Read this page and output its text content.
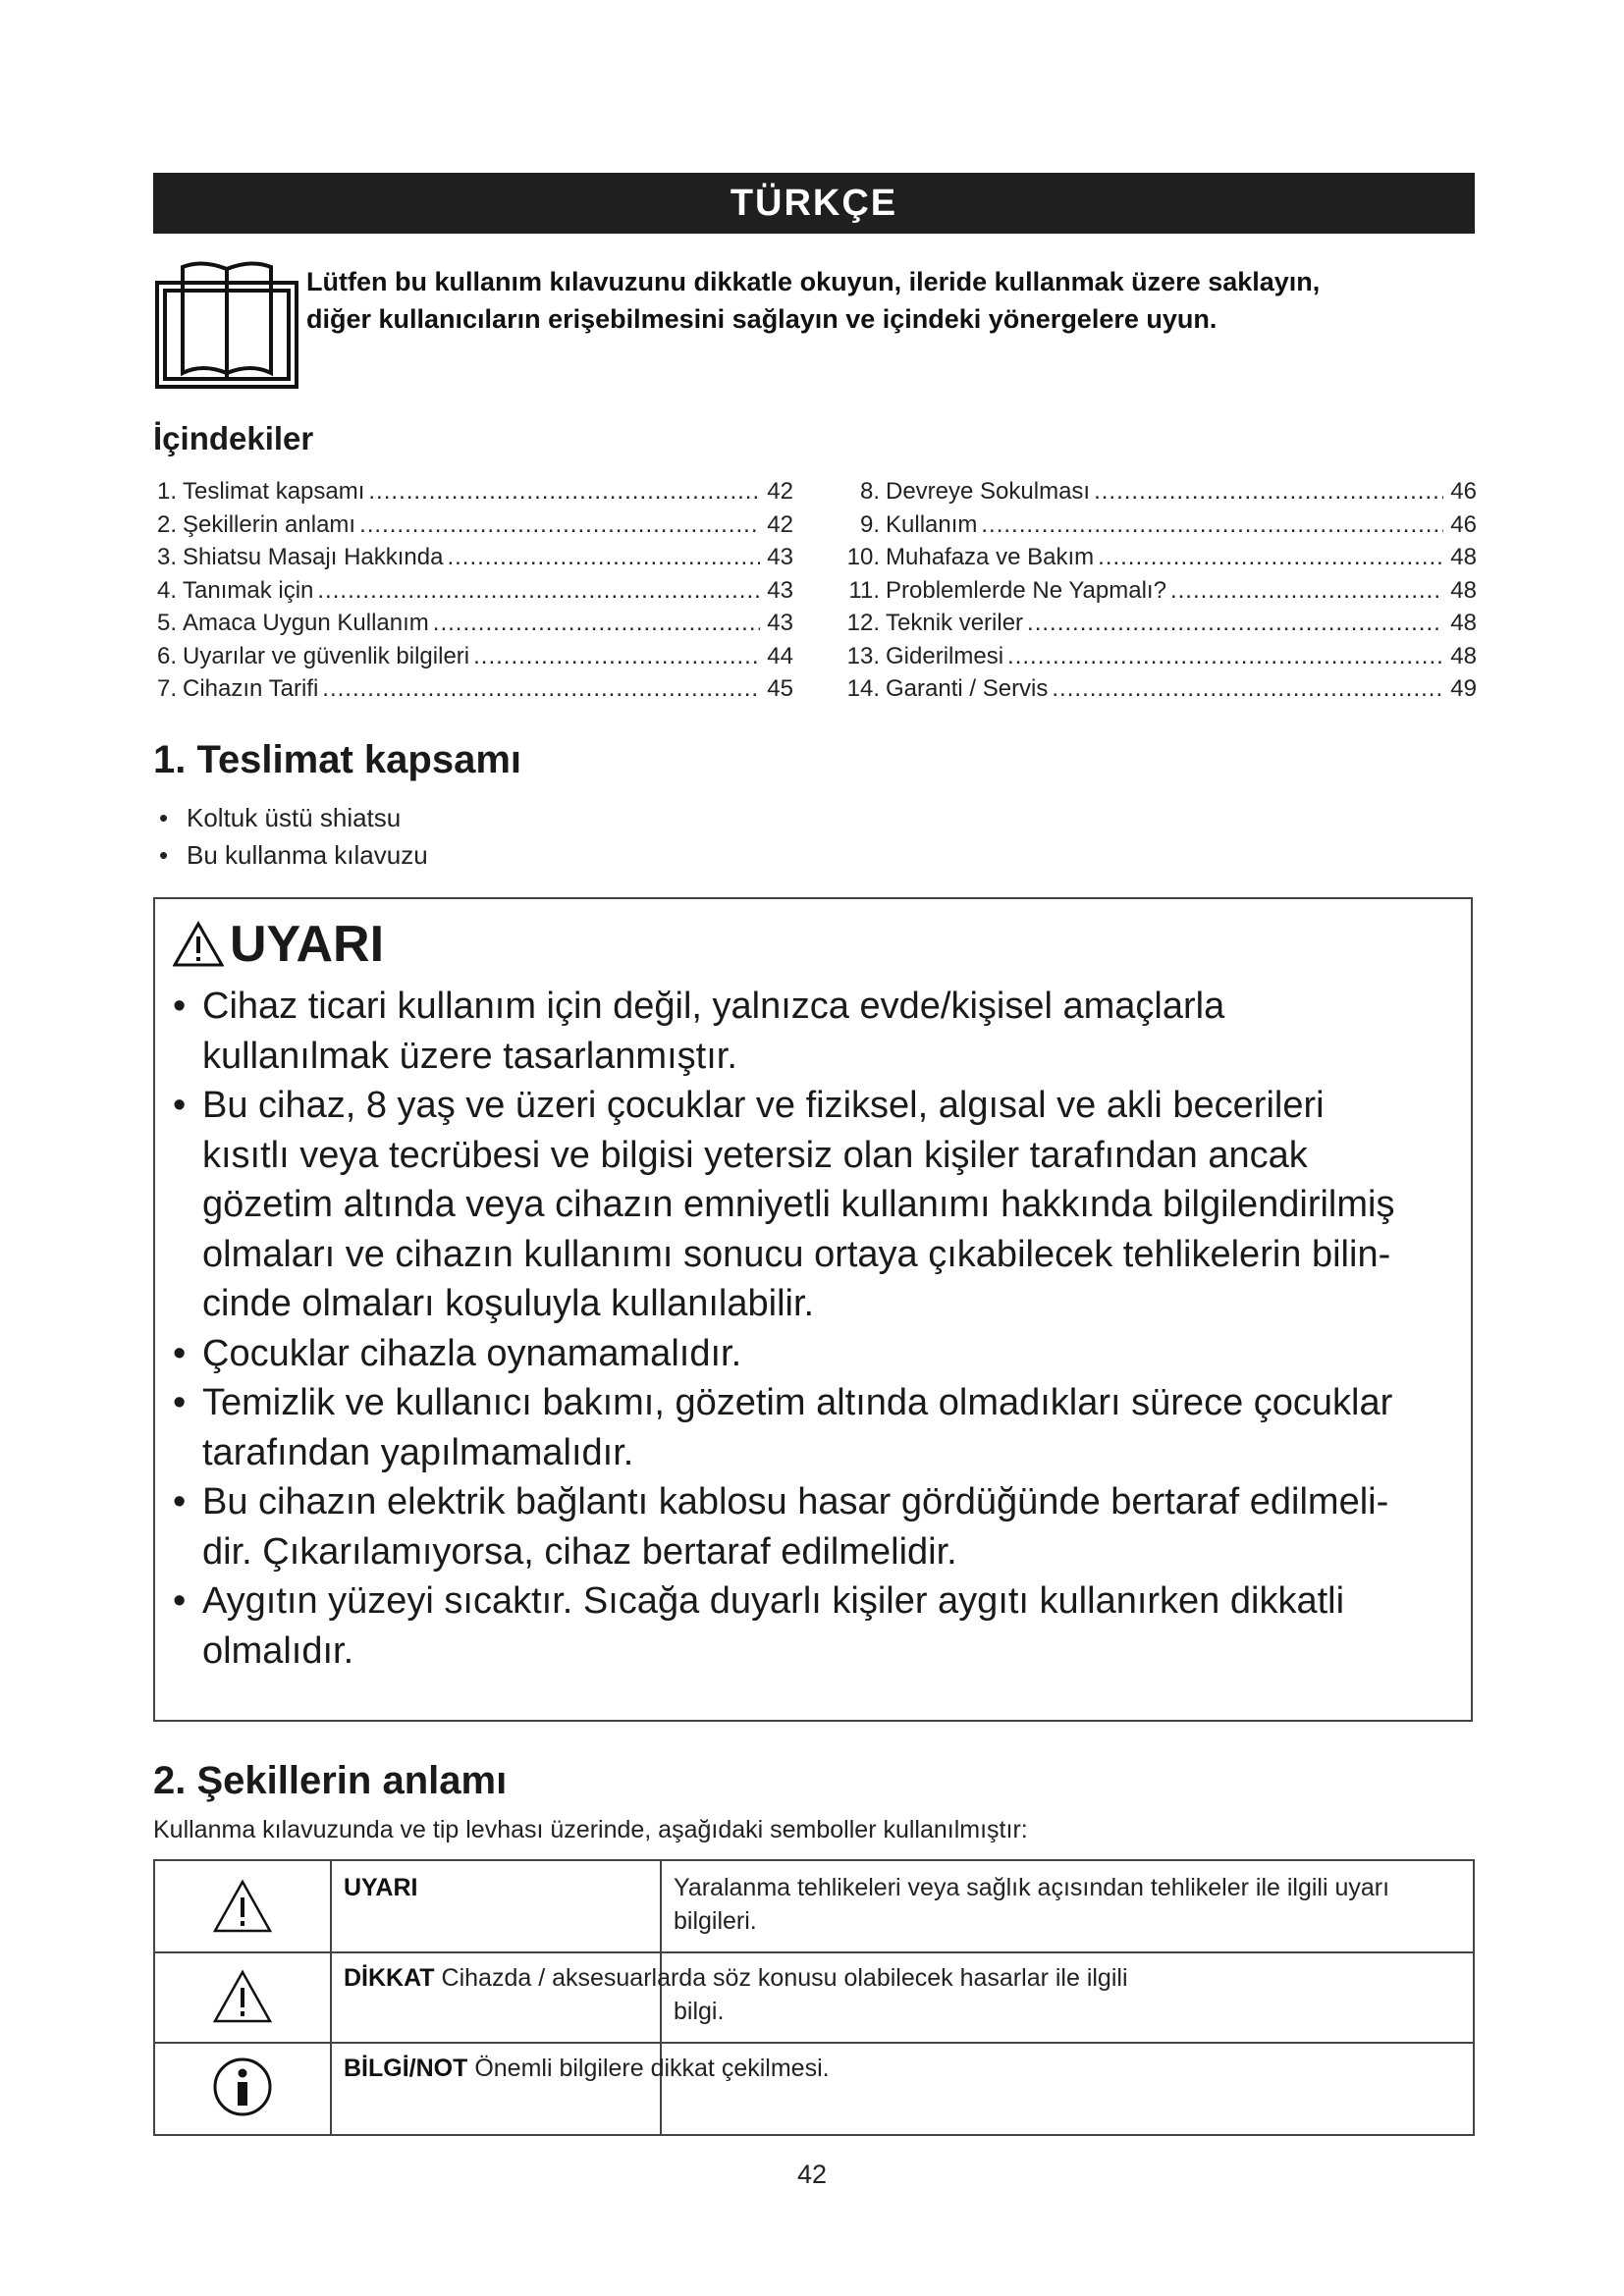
TÜRKÇE
Lütfen bu kullanım kılavuzunu dikkatle okuyun, ileride kullanmak üzere saklayın,
diğer kullanıcıların erişebilmesini sağlayın ve içindeki yönergelere uyun.
İçindekiler
1. Teslimat kapsamı .....	42
2. Şekillerin anlamı .....	42
3. Shiatsu Masajı Hakkında .....	43
4. Tanımak için .....	43
5. Amaca Uygun Kullanım .....	43
6. Uyarılar ve güvenlik bilgileri .....	44
7. Cihazın Tarifi .....	45
8. Devreye Sokulması .....	46
9. Kullanım .....	46
10. Muhafaza ve Bakım .....	48
11. Problemlerde Ne Yapmalı? .....	48
12. Teknik veriler .....	48
13. Giderilmesi .....	48
14. Garanti / Servis .....	49
1. Teslimat kapsamı
• Koltuk üstü shiatsu
• Bu kullanma kılavuzu
UYARI
• Cihaz ticari kullanım için değil, yalnızca evde/kişisel amaçlarla
kullanılmak üzere tasarlanmıştır.
• Bu cihaz, 8 yaş ve üzeri çocuklar ve fiziksel, algısal ve akli becerileri
kısıtlı veya tecrübesi ve bilgisi yetersiz olan kişiler tarafından ancak
gözetim altında veya cihazın emniyetli kullanımı hakkında bilgilendirilmiş
olmaları ve cihazın kullanımı sonucu ortaya çıkabilecek tehlikelerin bilin-
cinde olmaları koşuluyla kullanılabilir.
• Çocuklar cihazla oynamamalıdır.
• Temizlik ve kullanıcı bakımı, gözetim altında olmadıkları sürece çocuklar
tarafından yapılmamalıdır.
• Bu cihazın elektrik bağlantı kablosu hasar gördüğünde bertaraf edilmeli-
dir. Çıkarılamıyorsa, cihaz bertaraf edilmelidir.
• Aygıtın yüzeyi sıcaktır. Sıcağa duyarlı kişiler aygıtı kullanırken dikkatli
olmalıdır.
2. Şekillerin anlamı
Kullanma kılavuzunda ve tip levhası üzerinde, aşağıdaki semboller kullanılmıştır:
UYARI	Yaralanma tehlikeleri veya sağlık açısından tehlikeler ile ilgili uyarı
bilgileri.
DİKKAT Cihazda / aksesuarlarda söz konusu olabilecek hasarlar ile ilgili
bilgi.
BİLGİ/NOT Önemli bilgilere dikkat çekilmesi.
42
